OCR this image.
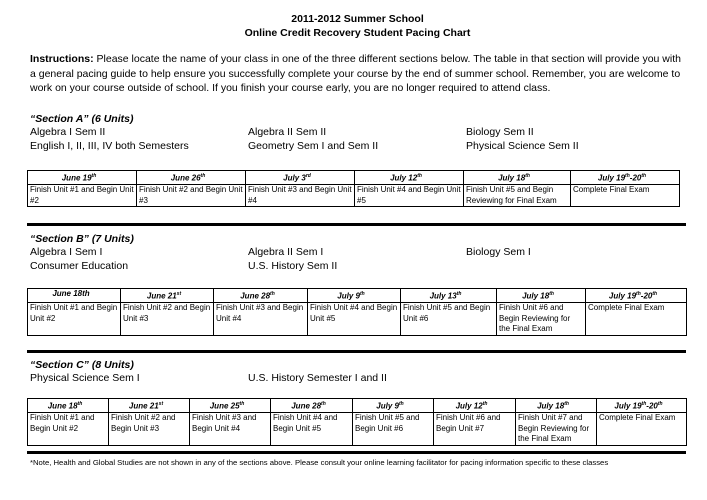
2011-2012 Summer School
Online Credit Recovery Student Pacing Chart
Instructions: Please locate the name of your class in one of the three different sections below. The table in that section will provide you with a general pacing guide to help ensure you successfully complete your course by the end of summer school. Remember, you are welcome to work on your course outside of school. If you finish your course early, you are no longer required to attend class.
“Section A” (6 Units)
Algebra I Sem II	Algebra II Sem II	Biology Sem II
English I, II, III, IV both Semesters	Geometry Sem I and Sem II	Physical Science Sem II
June 19th	June 26th	July 3rd	July 12th	July 18th	July 19th-20th
Finish Unit #1 and Begin Unit #2	Finish Unit #2 and Begin Unit #3	Finish Unit #3 and Begin Unit #4	Finish Unit #4 and Begin Unit #5	Finish Unit #5 and Begin Reviewing for Final Exam	Complete Final Exam
“Section B” (7 Units)
Algebra I Sem I	Algebra II Sem I	Biology Sem I
Consumer Education	U.S. History Sem II
June 18th	June 21st	June 28th	July 9th	July 13th	July 18th	July 19th-20th
Finish Unit #1 and Begin Unit #2	Finish Unit #2 and Begin Unit #3	Finish Unit #3 and Begin Unit #4	Finish Unit #4 and Begin Unit #5	Finish Unit #5 and Begin Unit #6	Finish Unit #6 and Begin Reviewing for the Final Exam	Complete Final Exam
“Section C” (8 Units)
Physical Science Sem I	U.S. History Semester I and II
June 18th	June 21st	June 25th	June 28th	July 9th	July 12th	July 18th	July 19th-20th
Finish Unit #1 and Begin Unit #2	Finish Unit #2 and Begin Unit #3	Finish Unit #3 and Begin Unit #4	Finish Unit #4 and Begin Unit #5	Finish Unit #5 and Begin Unit #6	Finish Unit #6 and Begin Unit #7	Finish Unit #7 and Begin Reviewing for the Final Exam	Complete Final Exam
*Note, Health and Global Studies are not shown in any of the sections above. Please consult your online learning facilitator for pacing information specific to these classes
